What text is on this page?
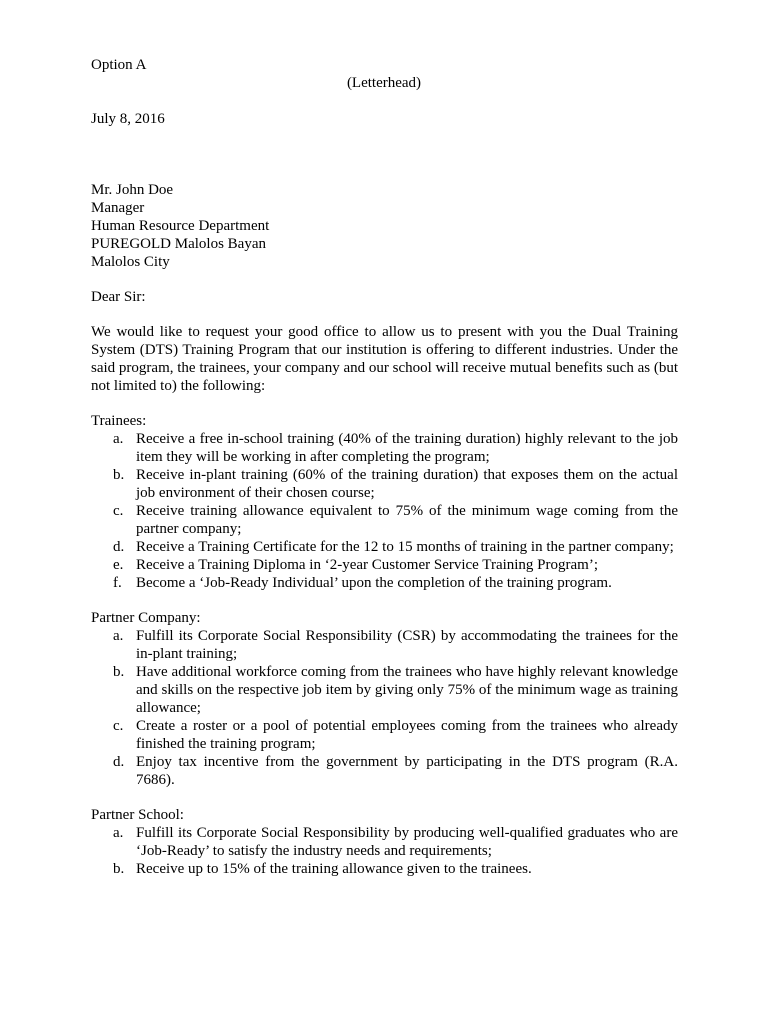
Option A

(Letterhead)

July 8, 2016

Mr. John Doe
Manager
Human Resource Department
PUREGOLD Malolos Bayan
Malolos City

Dear Sir:

We would like to request your good office to allow us to present with you the Dual Training System (DTS) Training Program that our institution is offering to different industries. Under the said program, the trainees, your company and our school will receive mutual benefits such as (but not limited to) the following:

Trainees:
a. Receive a free in-school training (40% of the training duration) highly relevant to the job item they will be working in after completing the program;
b. Receive in-plant training (60% of the training duration) that exposes them on the actual job environment of their chosen course;
c. Receive training allowance equivalent to 75% of the minimum wage coming from the partner company;
d. Receive a Training Certificate for the 12 to 15 months of training in the partner company;
e. Receive a Training Diploma in ‘2-year Customer Service Training Program’;
f. Become a ‘Job-Ready Individual’ upon the completion of the training program.
Partner Company:
a. Fulfill its Corporate Social Responsibility (CSR) by accommodating the trainees for the in-plant training;
b. Have additional workforce coming from the trainees who have highly relevant knowledge and skills on the respective job item by giving only 75% of the minimum wage as training allowance;
c. Create a roster or a pool of potential employees coming from the trainees who already finished the training program;
d. Enjoy tax incentive from the government by participating in the DTS program (R.A. 7686).
Partner School:
a. Fulfill its Corporate Social Responsibility by producing well-qualified graduates who are ‘Job-Ready’ to satisfy the industry needs and requirements;
b. Receive up to 15% of the training allowance given to the trainees.
